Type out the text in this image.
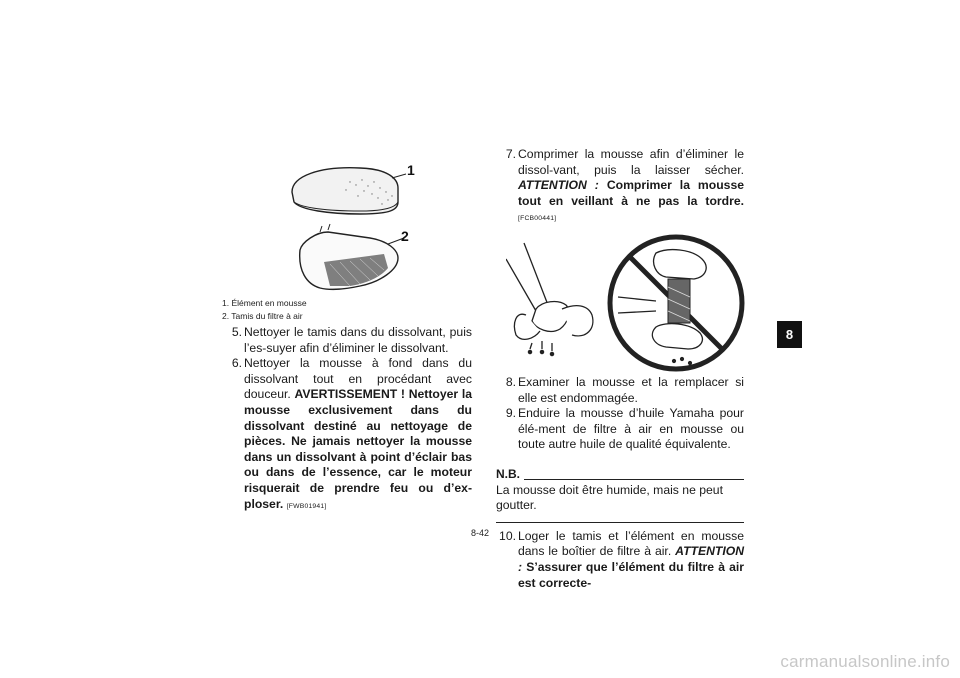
1
2
1. Élément en mousse
2. Tamis du filtre à air
5. Nettoyer le tamis dans du dissolvant, puis l’es-suyer afin d’éliminer le dissolvant.
6. Nettoyer la mousse à fond dans du dissolvant tout en procédant avec douceur. AVERTISSEMENT ! Nettoyer la mousse exclusivement dans du dissolvant destiné au nettoyage de pièces. Ne jamais nettoyer la mousse dans un dissolvant à point d’éclair bas ou dans de l’essence, car le moteur risquerait de prendre feu ou d’ex-ploser. [FWB01941]
7. Comprimer la mousse afin d’éliminer le dissol-vant, puis la laisser sécher. ATTENTION : Comprimer la mousse tout en veillant à ne pas la tordre. [FCB00441]
8. Examiner la mousse et la remplacer si elle est endommagée.
9. Enduire la mousse d’huile Yamaha pour élé-ment de filtre à air en mousse ou toute autre huile de qualité équivalente.
N.B.
La mousse doit être humide, mais ne peut goutter.
10. Loger le tamis et l’élément en mousse dans le boîtier de filtre à air. ATTENTION : S’assurer que l’élément du filtre à air est correcte-
8-42
8
carmanualsonline.info
